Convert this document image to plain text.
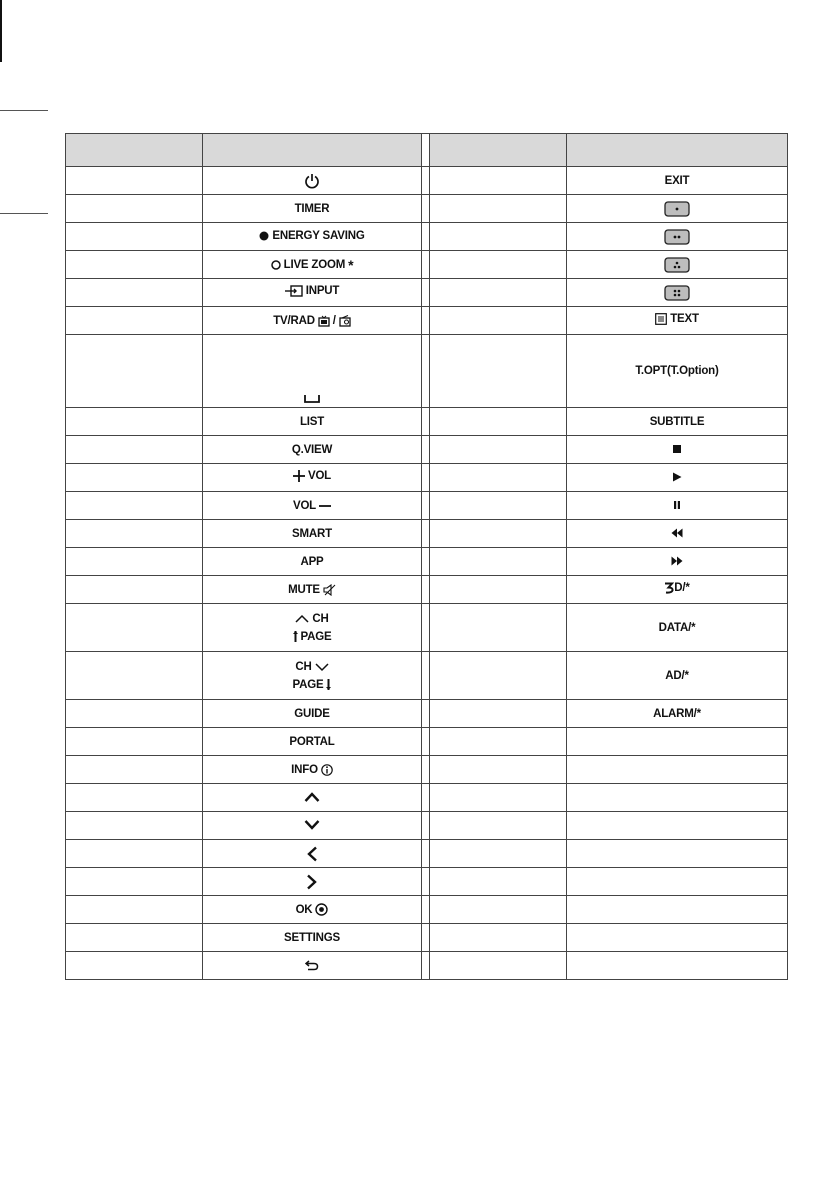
				EXIT
	TIMER			

	ENERGY SAVING

	LIVE ZOOM *

	INPUT

	TV/RAD /			TEXT

				T.OPT(T.Option)
	LIST			SUBTITLE
	Q.VIEW			

	VOL

	VOL

	SMART			
	APP			

	MUTE			D/*

	CH
PAGE			DATA/*

	CH
PAGE			AD/*
	GUIDE			ALARM/*
	PORTAL			

	INFO			

	OK			

	SETTINGS			
